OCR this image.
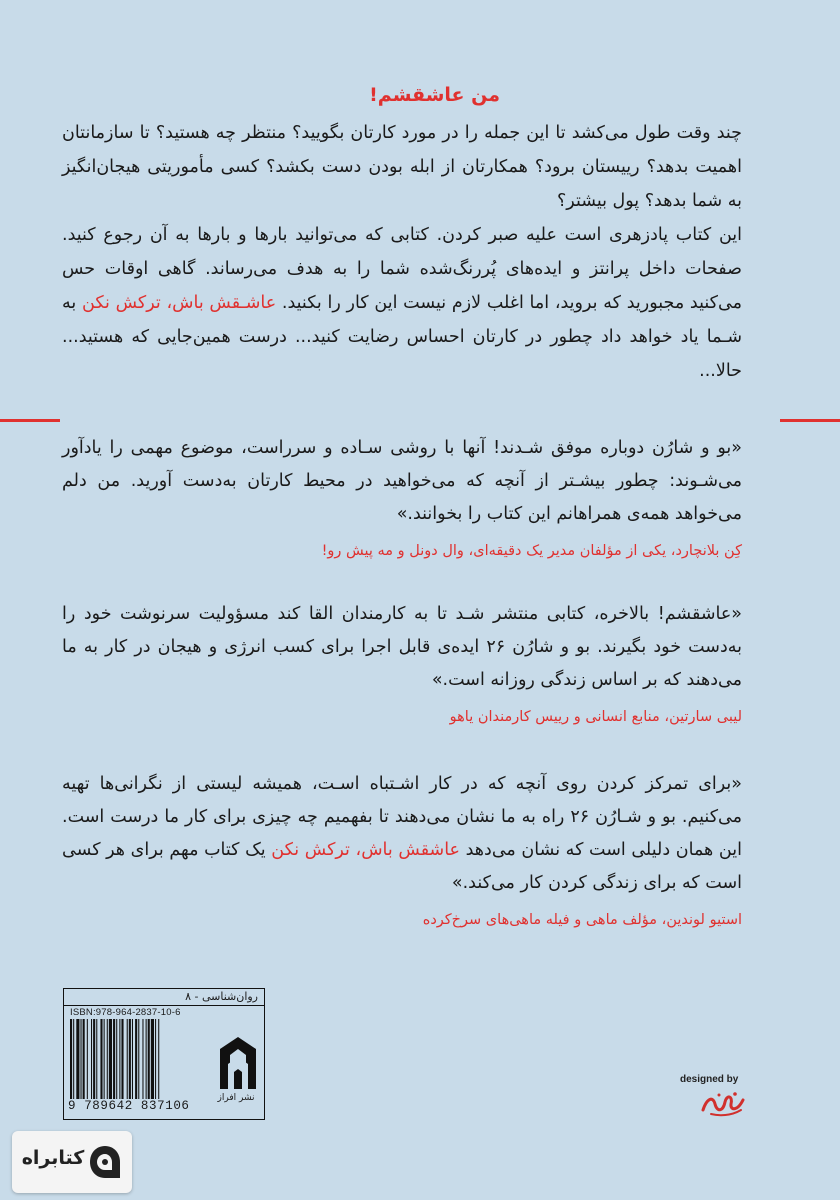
من عاشقشم!
چند وقت طول می‌کشد تا این جمله را در مورد کارتان بگویید؟ منتظر چه هستید؟ تا سازمانتان اهمیت بدهد؟ رییستان برود؟ همکارتان از ابله بودن دست بکشد؟ کسی مأموریتی هیجان‌انگیز به شما بدهد؟ پول بیشتر؟
این کتاب پادزهری است علیه صبر کردن. کتابی که می‌توانید بارها و بارها به آن رجوع کنید. صفحات داخل پرانتز و ایده‌های پُررنگ‌شده شما را به هدف می‌رساند. گاهی اوقات حس می‌کنید مجبورید که بروید، اما اغلب لازم نیست این کار را بکنید. عاشـقش باش، ترکش نکن به شـما یاد خواهد داد چطور در کارتان احساس رضایت کنید... درست همین‌جایی که هستید... حالا...
«بو و شارُن دوباره موفق شـدند! آنها با روشی سـاده و سرراست، موضوع مهمی را یادآور می‌شـوند: چطور بیشـتر از آنچه که می‌خواهید در محیط کارتان به‌دست آورید. من دلم می‌خواهد همه‌ی همراهانم این کتاب را بخوانند.»
کِن بلانچارد، یکی از مؤلفان مدیر یک دقیقه‌ای، وال دونل و مه پیش رو!
«عاشقشم! بالاخره، کتابی منتشر شـد تا به کارمندان القا کند مسؤولیت سرنوشت خود را به‌دست خود بگیرند. بو و شارُن ۲۶ ایده‌ی قابل اجرا برای کسب انرژی و هیجان در کار به ما می‌دهند که بر اساس زندگی روزانه است.»
لیبی سارتین، منابع انسانی و رییس کارمندان یاهو
«برای تمرکز کردن روی آنچه که در کار اشـتباه اسـت، همیشه لیستی از نگرانی‌ها تهیه می‌کنیم. بو و شـارُن ۲۶ راه به ما نشان می‌دهند تا بفهمیم چه چیزی برای کار ما درست است. این همان دلیلی است که نشان می‌دهد عاشقش باش، ترکش نکن یک کتاب مهم برای هر کسی است که برای زندگی کردن کار می‌کند.»
استیو لوندین، مؤلف ماهی و فیله ماهی‌های سرخ‌کرده
روان‌شناسی - ۸
ISBN:978-964-2837-10-6
9 789642 837106
نشر افراز
designed by
کتابراه
